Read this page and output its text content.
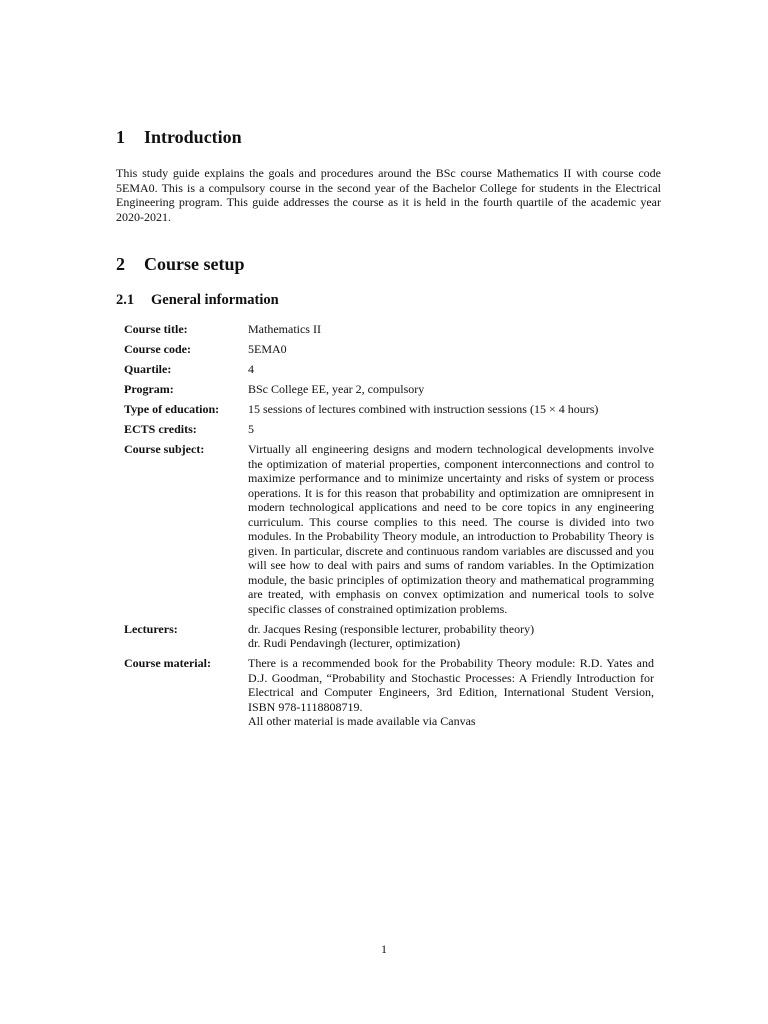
1 Introduction

This study guide explains the goals and procedures around the BSc course Mathematics II with course code 5EMA0. This is a compulsory course in the second year of the Bachelor College for students in the Electrical Engineering program. This guide addresses the course as it is held in the fourth quartile of the academic year 2020-2021.

2 Course setup
2.1 General information
Course title:	Mathematics II
Course code:	5EMA0
Quartile:	4
Program:	BSc College EE, year 2, compulsory
Type of education:	15 sessions of lectures combined with instruction sessions (15 × 4 hours)
ECTS credits:	5
Course subject:	Virtually all engineering designs and modern technological developments involve the optimization of material properties, component interconnections and control to maximize performance and to minimize uncertainty and risks of system or process operations. It is for this reason that probability and optimization are omnipresent in modern technological applications and need to be core topics in any engineering curriculum. This course complies to this need. The course is divided into two modules. In the Probability Theory module, an introduction to Probability Theory is given. In particular, discrete and continuous random variables are discussed and you will see how to deal with pairs and sums of random variables. In the Optimization module, the basic principles of optimization theory and mathematical programming are treated, with emphasis on convex optimization and numerical tools to solve specific classes of constrained optimization problems.
Lecturers:	dr. Jacques Resing (responsible lecturer, probability theory)
dr. Rudi Pendavingh (lecturer, optimization)
Course material:	There is a recommended book for the Probability Theory module: R.D. Yates and D.J. Goodman, “Probability and Stochastic Processes: A Friendly Introduction for Electrical and Computer Engineers, 3rd Edition, International Student Version, ISBN 978-1118808719.
All other material is made available via Canvas
1
